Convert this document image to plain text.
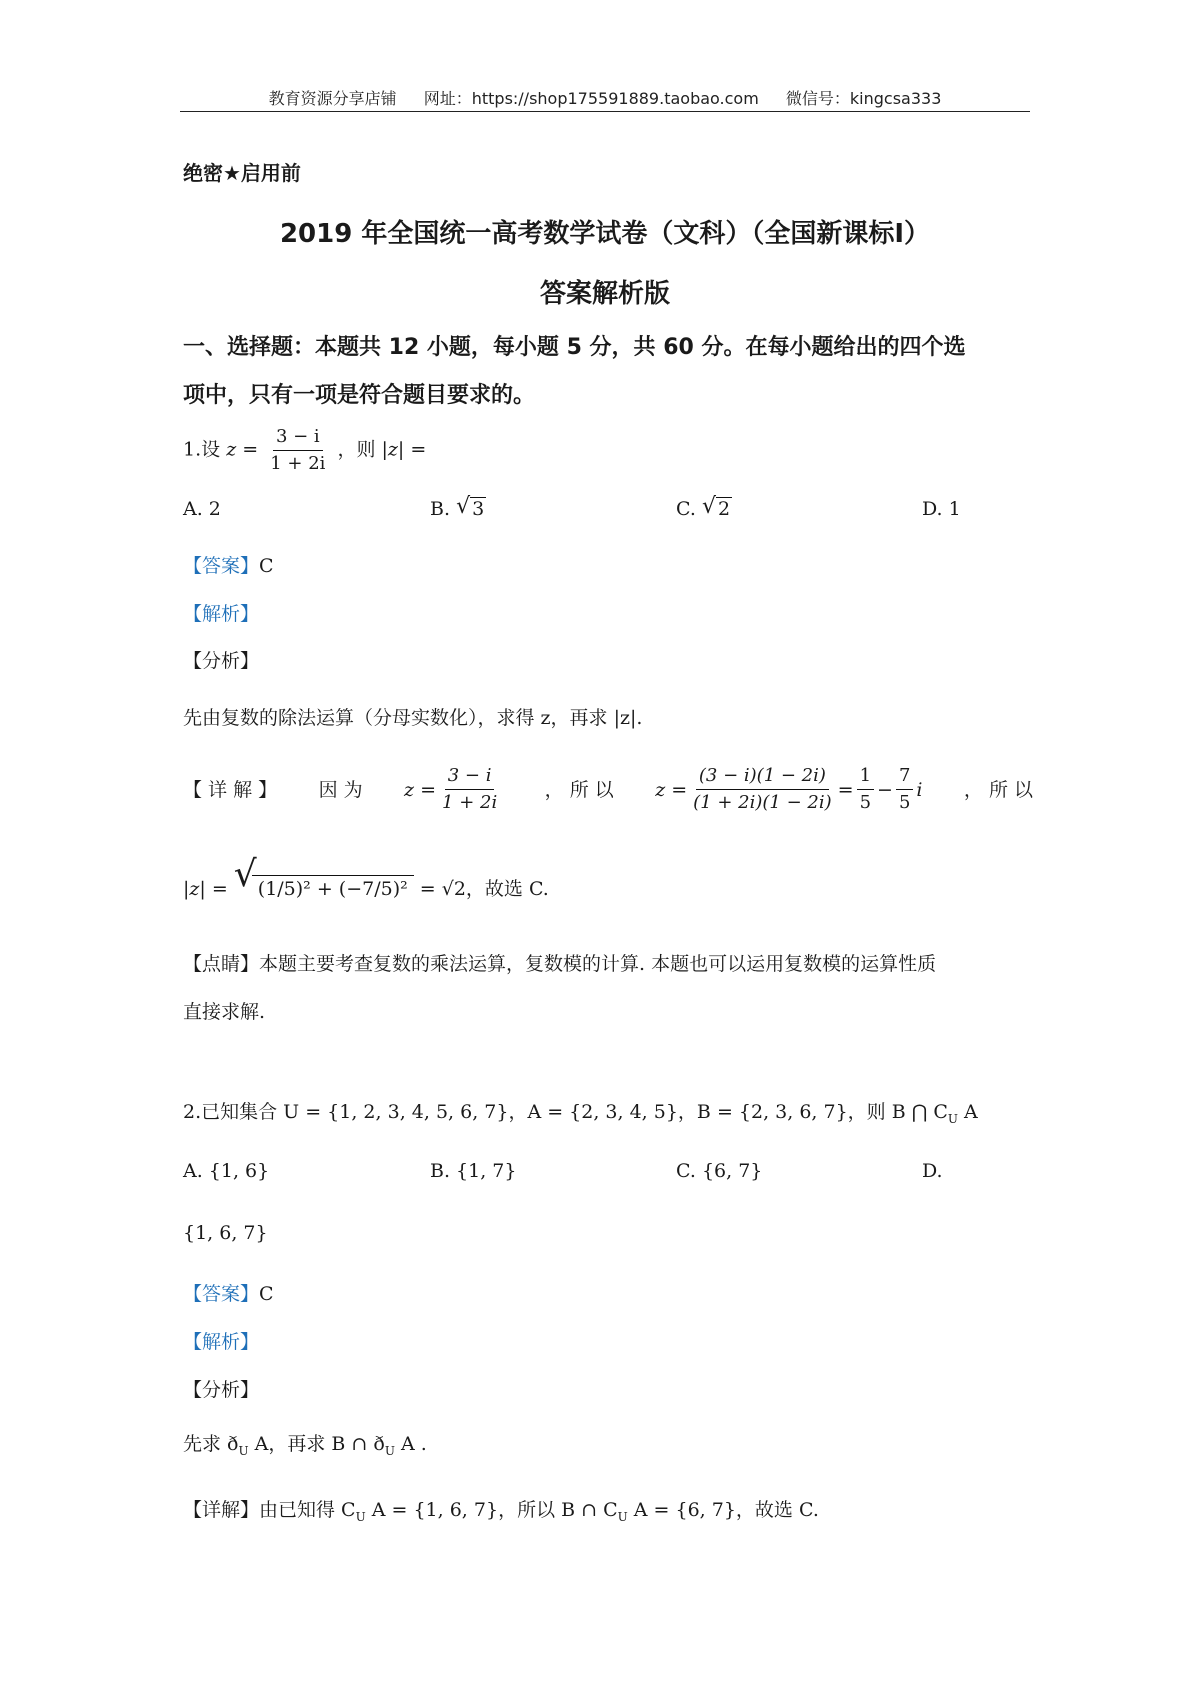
教育资源分享店铺 网址：https://shop175591889.taobao.com 微信号：kingcsa333
绝密★启用前
2019 年全国统一高考数学试卷（文科）（全国新课标Ⅰ）
答案解析版
一、选择题：本题共 12 小题，每小题 5 分，共 60 分。在每小题给出的四个选
项中，只有一项是符合题目要求的。
1.设 $z = \frac{3 - i}{1 + 2i}$ ，则 |z| =
A. 2	B. √ 3	C. √ 2	D. 1
【答案】C
【解析】
【分析】
先由复数的除法运算（分母实数化），求得 z，再求 |z|.
【 详 解 】 因 为 $z = \frac{3 - i}{1 + 2i}$ ， 所 以 $z = \frac{(3 - i)(1 - 2i)}{(1 + 2i)(1 - 2i)} = \frac{1}{5} - \frac{7}{5}$ i ， 所 以
|z| = √ (1/5)² + (−7/5)² = √2 ，故选 C.
【点睛】本题主要考查复数的乘法运算，复数模的计算. 本题也可以运用复数模的运算性质
直接求解.
2.已知集合 U = {1, 2, 3, 4, 5, 6, 7}，A = {2, 3, 4, 5}，B = {2, 3, 6, 7}，则 B ⋂ $C_U$ A
A. {1, 6}	B. {1, 7}	C. {6, 7}	D.
{1, 6, 7}
【答案】C
【解析】
【分析】
先求 $ð_U$ A，再求 B ∩ $ð_U$ A .
【详解】由已知得 $C_U$ A = {1, 6, 7}，所以 B ∩ $C_U$ A = {6, 7}，故选 C.
